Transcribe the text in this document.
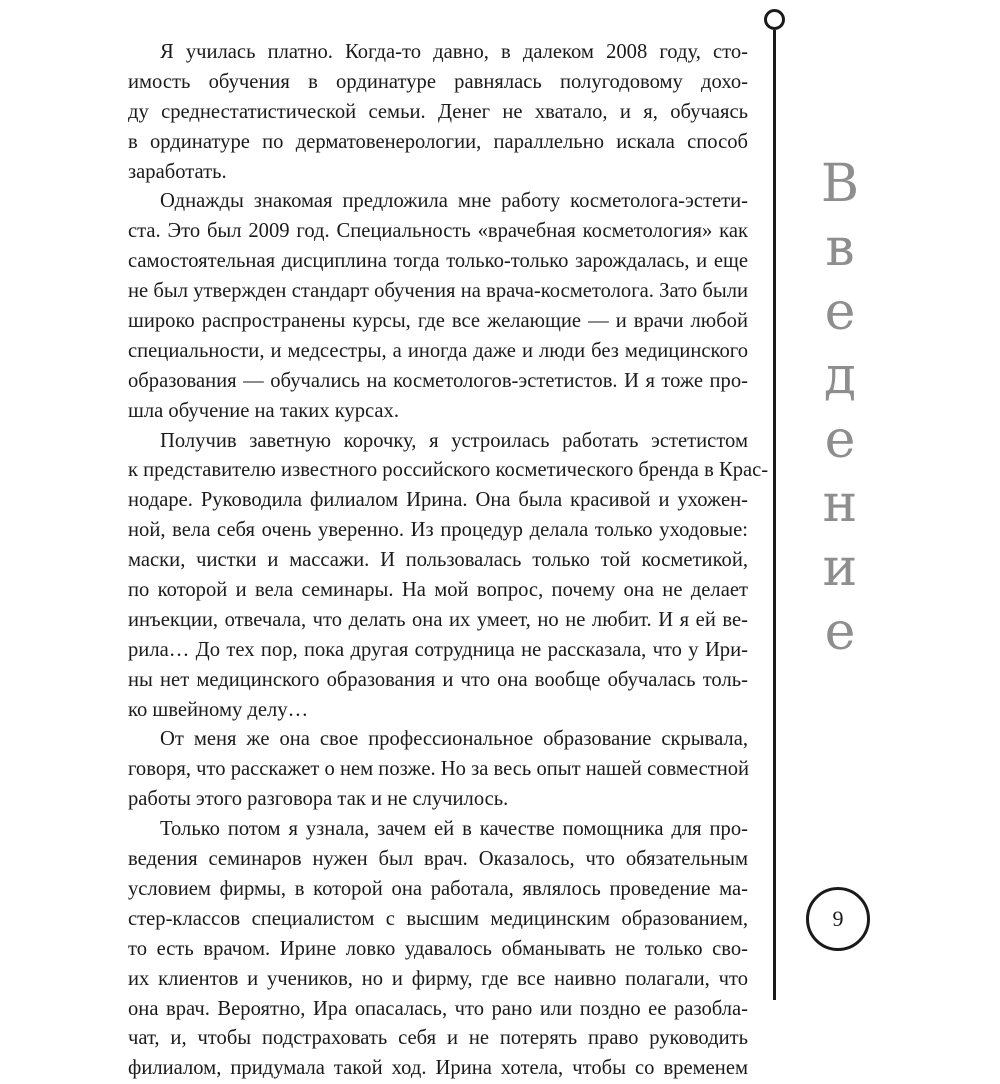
Я училась платно. Когда-то давно, в далеком 2008 году, сто-
имость обучения в ординатуре равнялась полугодовому дохо-
ду среднестатистической семьи. Денег не хватало, и я, обучаясь
в ординатуре по дерматовенерологии, параллельно искала способ
заработать.
Однажды знакомая предложила мне работу косметолога-эстети-
ста. Это был 2009 год. Специальность «врачебная косметология» как
самостоятельная дисциплина тогда только-только зарождалась, и еще
не был утвержден стандарт обучения на врача-косметолога. Зато были
широко распространены курсы, где все желающие — и врачи любой
специальности, и медсестры, а иногда даже и люди без медицинского
образования — обучались на косметологов-эстетистов. И я тоже про-
шла обучение на таких курсах.
Получив заветную корочку, я устроилась работать эстетистом
к представителю известного российского косметического бренда в Крас-
нодаре. Руководила филиалом Ирина. Она была красивой и ухожен-
ной, вела себя очень уверенно. Из процедур делала только уходовые:
маски, чистки и массажи. И пользовалась только той косметикой,
по которой и вела семинары. На мой вопрос, почему она не делает
инъекции, отвечала, что делать она их умеет, но не любит. И я ей ве-
рила… До тех пор, пока другая сотрудница не рассказала, что у Ири-
ны нет медицинского образования и что она вообще обучалась толь-
ко швейному делу…
От меня же она свое профессиональное образование скрывала,
говоря, что расскажет о нем позже. Но за весь опыт нашей совместной
работы этого разговора так и не случилось.
Только потом я узнала, зачем ей в качестве помощника для про-
ведения семинаров нужен был врач. Оказалось, что обязательным
условием фирмы, в которой она работала, являлось проведение ма-
стер-классов специалистом с высшим медицинским образованием,
то есть врачом. Ирине ловко удавалось обманывать не только сво-
их клиентов и учеников, но и фирму, где все наивно полагали, что
она врач. Вероятно, Ира опасалась, что рано или поздно ее разобла-
чат, и, чтобы подстраховать себя и не потерять право руководить
филиалом, придумала такой ход. Ирина хотела, чтобы со временем
В
в
е
д
е
н
и
е
9
